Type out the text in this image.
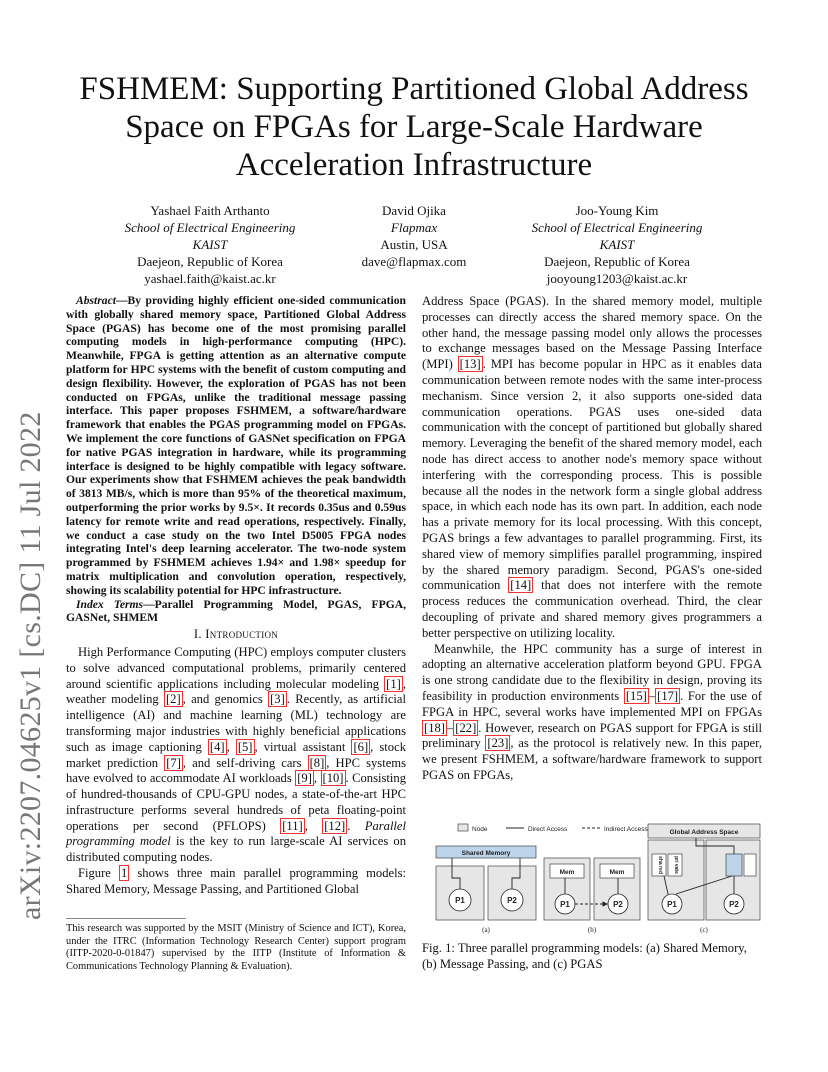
arXiv:2207.04625v1 [cs.DC] 11 Jul 2022
FSHMEM: Supporting Partitioned Global Address Space on FPGAs for Large-Scale Hardware Acceleration Infrastructure
Yashael Faith Arthanto
School of Electrical Engineering
KAIST
Daejeon, Republic of Korea
yashael.faith@kaist.ac.kr
David Ojika
Flapmax
Austin, USA
dave@flapmax.com
Joo-Young Kim
School of Electrical Engineering
KAIST
Daejeon, Republic of Korea
jooyoung1203@kaist.ac.kr
Abstract—By providing highly efficient one-sided communication with globally shared memory space, Partitioned Global Address Space (PGAS) has become one of the most promising parallel computing models in high-performance computing (HPC). Meanwhile, FPGA is getting attention as an alternative compute platform for HPC systems with the benefit of custom computing and design flexibility. However, the exploration of PGAS has not been conducted on FPGAs, unlike the traditional message passing interface. This paper proposes FSHMEM, a software/hardware framework that enables the PGAS programming model on FPGAs. We implement the core functions of GASNet specification on FPGA for native PGAS integration in hardware, while its programming interface is designed to be highly compatible with legacy software. Our experiments show that FSHMEM achieves the peak bandwidth of 3813 MB/s, which is more than 95% of the theoretical maximum, outperforming the prior works by 9.5×. It records 0.35us and 0.59us latency for remote write and read operations, respectively. Finally, we conduct a case study on the two Intel D5005 FPGA nodes integrating Intel's deep learning accelerator. The two-node system programmed by FSHMEM achieves 1.94× and 1.98× speedup for matrix multiplication and convolution operation, respectively, showing its scalability potential for HPC infrastructure.
Index Terms—Parallel Programming Model, PGAS, FPGA, GASNet, SHMEM
I. Introduction

High Performance Computing (HPC) employs computer clusters to solve advanced computational problems, primarily centered around scientific applications including molecular modeling [1] , weather modeling [2] , and genomics [3] . Recently, as artificial intelligence (AI) and machine learning (ML) technology are transforming major industries with highly beneficial applications such as image captioning [4] , [5] , virtual assistant [6] , stock market prediction [7] , and self-driving cars [8] , HPC systems have evolved to accommodate AI workloads [9] , [10] . Consisting of hundred-thousands of CPU-GPU nodes, a state-of-the-art HPC infrastructure performs several hundreds of peta floating-point operations per second (PFLOPS) [11] , [12] . Parallel programming model is the key to run large-scale AI services on distributed computing nodes.

Figure 1 shows three main parallel programming models: Shared Memory, Message Passing, and Partitioned Global

This research was supported by the MSIT (Ministry of Science and ICT), Korea, under the ITRC (Information Technology Research Center) support program (IITP-2020-0-01847) supervised by the IITP (Institute of Information & Communications Technology Planning & Evaluation).

Address Space (PGAS). In the shared memory model, multiple processes can directly access the shared memory space. On the other hand, the message passing model only allows the processes to exchange messages based on the Message Passing Interface (MPI) [13] . MPI has become popular in HPC as it enables data communication between remote nodes with the same inter-process mechanism. Since version 2, it also supports one-sided data communication operations. PGAS uses one-sided data communication with the concept of partitioned but globally shared memory. Leveraging the benefit of the shared memory model, each node has direct access to another node's memory space without interfering with the corresponding process. This is possible because all the nodes in the network form a single global address space, in which each node has its own part. In addition, each node has a private memory for its local processing. With this concept, PGAS brings a few advantages to parallel programming. First, its shared view of memory simplifies parallel programming, inspired by the shared memory paradigm. Second, PGAS's one-sided communication [14] that does not interfere with the remote process reduces the communication overhead. Third, the clear decoupling of private and shared memory gives programmers a better perspective on utilizing locality.

Meanwhile, the HPC community has a surge of interest in adopting an alternative acceleration platform beyond GPU. FPGA is one strong candidate due to the flexibility in design, proving its feasibility in production environments [15] – [17] . For the use of FPGA in HPC, several works have implemented MPI on FPGAs [18] – [22] . However, research on PGAS support for FPGA is still preliminary [23] , as the protocol is relatively new. In this paper, we present FSHMEM, a software/hardware framework to support PGAS on FPGAs,

Node	Direct Access	Indirect Access
Shared Memory
P1	P2
(a)
Mem	Mem
P1	P2
(b)
Global Address Space
sha red pri vate
P1	P2
(c)
Fig. 1: Three parallel programming models: (a) Shared Memory, (b) Message Passing, and (c) PGAS
